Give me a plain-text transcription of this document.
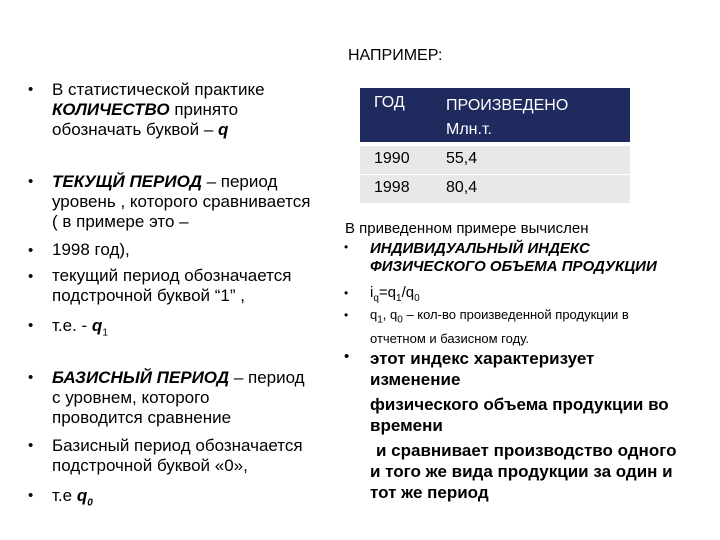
НАПРИМЕР:
• В статистической практике
КОЛИЧЕСТВО принято
обозначать буквой – q
• ТЕКУЩЙ ПЕРИОД – период
уровень , которого сравнивается
( в примере это –
• 1998 год),
• текущий период обозначается
подстрочной буквой “1” ,
• т.е. - $q_1$
• БАЗИСНЫЙ ПЕРИОД – период
с уровнем, которого
проводится сравнение
• Базисный период обозначается
подстрочной буквой «0»,
• т.е $q_0$
ГОД	ПРОИЗВЕДЕНО
Млн.т.
1990 55,4
1998 80,4
В приведенном примере вычислен
• ИНДИВИДУАЛЬНЫЙ ИНДЕКС
ФИЗИЧЕСКОГО ОБЪЕМА ПРОДУКЦИИ
• $i_q=q_1/q_0$
• $q_1$, $q_0 - кол-во$ произведенной продукции в
отчетном и базисном году.
• этот индекс характеризует
изменение
физического объема продукции во
времени
и сравнивает производство одного
и того же вида продукции за один и
тот же период
